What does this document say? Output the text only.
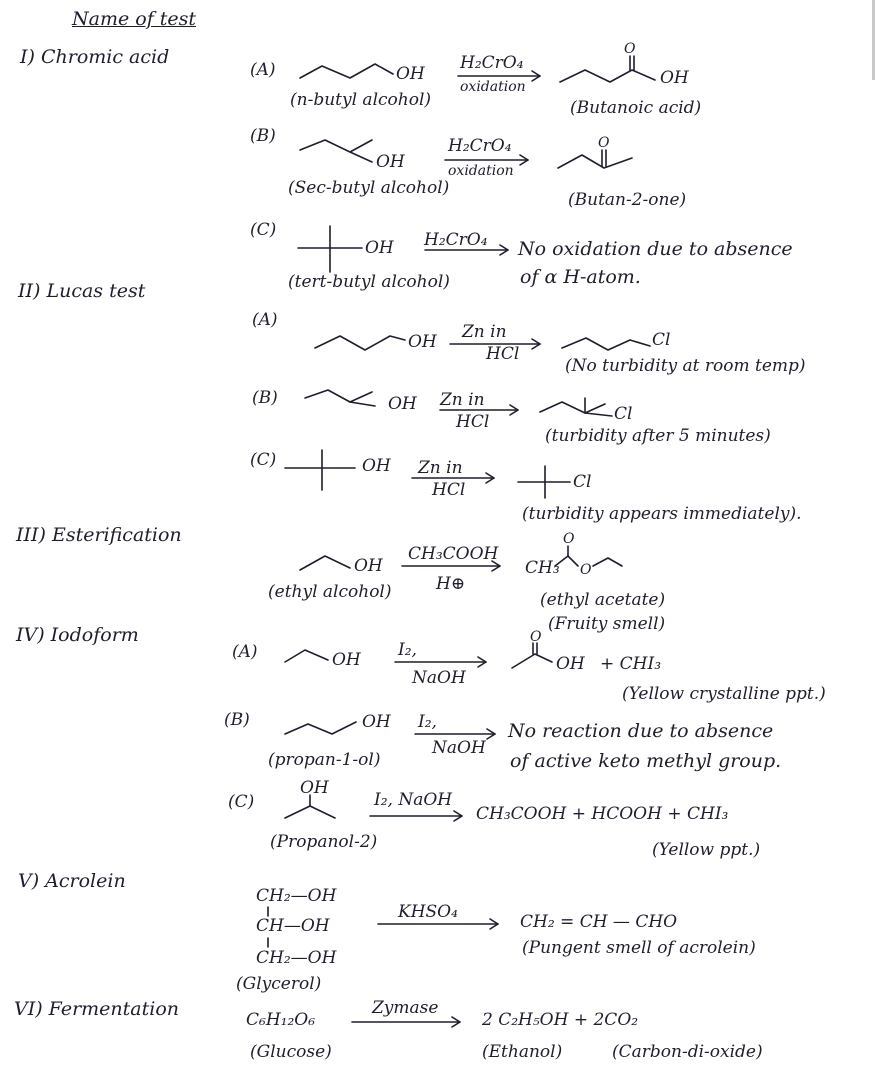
Name of test
I) Chromic acid
(A)	OH
H₂CrO₄
oxidation
(n-butyl alcohol)
O
OH
(Butanoic acid)
(B)
OH
H₂CrO₄
oxidation
(Sec-butyl alcohol)
O
(Butan-2-one)
(C)
OH H₂CrO₄ No oxidation due to absence
of α H-atom.
(tert-butyl alcohol)
II) Lucas test
(A)
OH Zn in
HCl
Cl
(No turbidity at room temp)
(B)	OH Zn in
HCl	Cl
(turbidity after 5 minutes)
(C)	OH Zn in
HCl	Cl
(turbidity appears immediately).
III) Esterification
OH
CH₃COOH
H⊕
(ethyl alcohol)
CH₃
O
O
(ethyl acetate)
(Fruity smell)
IV) Iodoform
(A)	OH I₂,
NaOH
O
OH + CHI₃
(Yellow crystalline ppt.)
(B)	OH I₂,
NaOH
No reaction due to absence
of active keto methyl group.
(propan-1-ol)
(C)
OH
I₂, NaOH
CH₃COOH + HCOOH + CHI₃
(Propanol-2)	(Yellow ppt.)
V) Acrolein
CH₂—OH
CH—OH
CH₂—OH
(Glycerol)
KHSO₄	CH₂ = CH — CHO
(Pungent smell of acrolein)
VI) Fermentation	C₆H₁₂O₆
Zymase
2 C₂H₅OH + 2CO₂
(Glucose)	(Ethanol)	(Carbon-di-oxide)
